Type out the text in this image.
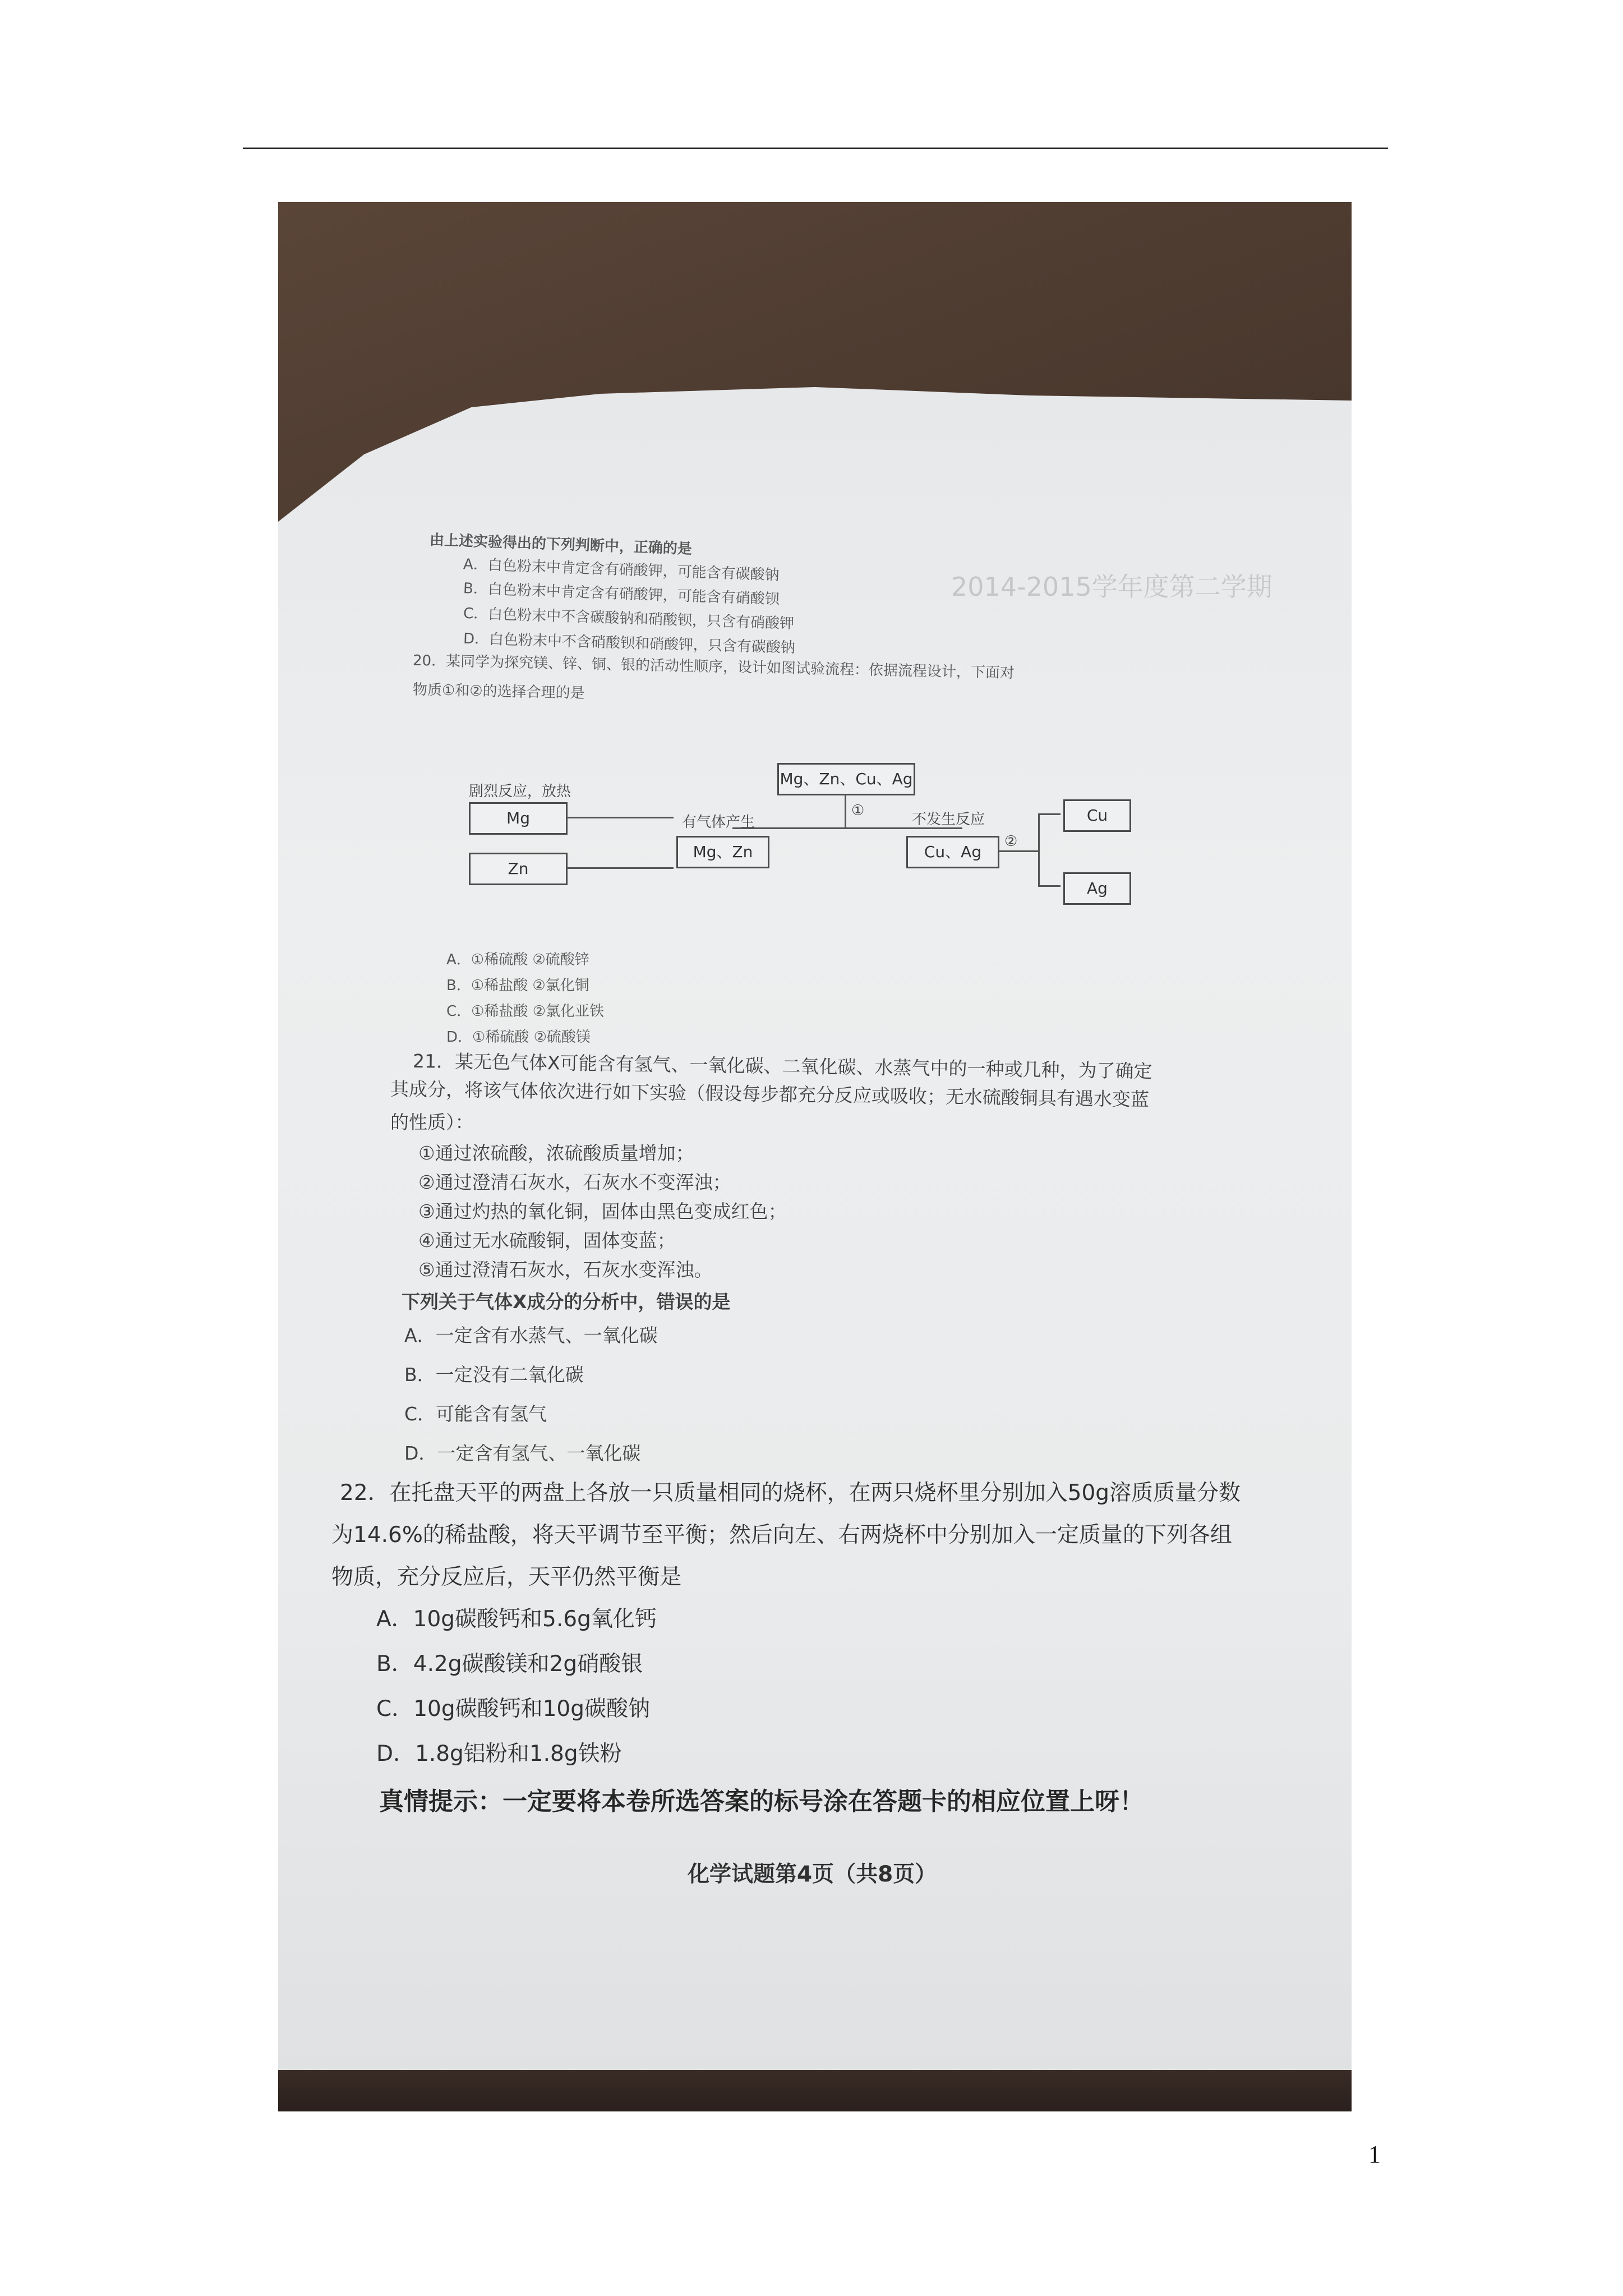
2014-2015学年度第二学期
由上述实验得出的下列判断中，正确的是
A．白色粉末中肯定含有硝酸钾，可能含有碳酸钠
B．白色粉末中肯定含有硝酸钾，可能含有硝酸钡
C．白色粉末中不含碳酸钠和硝酸钡，只含有硝酸钾
D．白色粉末中不含硝酸钡和硝酸钾，只含有碳酸钠
20．某同学为探究镁、锌、铜、银的活动性顺序，设计如图试验流程：依据流程设计，下面对
物质①和②的选择合理的是
Mg、Zn、Cu、Ag
①
有气体产生	不发生反应
Mg、Zn	Cu、Ag
剧烈反应，放热
Mg
Zn
②
Cu
Ag
A．①稀硫酸 ②硫酸锌
B．①稀盐酸 ②氯化铜
C．①稀盐酸 ②氯化亚铁
D．①稀硫酸 ②硫酸镁
21．某无色气体X可能含有氢气、一氧化碳、二氧化碳、水蒸气中的一种或几种，为了确定
其成分，将该气体依次进行如下实验（假设每步都充分反应或吸收；无水硫酸铜具有遇水变蓝
的性质）：
①通过浓硫酸，浓硫酸质量增加；
②通过澄清石灰水，石灰水不变浑浊；
③通过灼热的氧化铜，固体由黑色变成红色；
④通过无水硫酸铜，固体变蓝；
⑤通过澄清石灰水，石灰水变浑浊。
下列关于气体X成分的分析中，错误的是
A．一定含有水蒸气、一氧化碳
B．一定没有二氧化碳
C．可能含有氢气
D．一定含有氢气、一氧化碳
22．在托盘天平的两盘上各放一只质量相同的烧杯，在两只烧杯里分别加入50g溶质质量分数
为14.6%的稀盐酸，将天平调节至平衡；然后向左、右两烧杯中分别加入一定质量的下列各组
物质，充分反应后，天平仍然平衡是
A．10g碳酸钙和5.6g氧化钙
B．4.2g碳酸镁和2g硝酸银
C．10g碳酸钙和10g碳酸钠
D．1.8g铝粉和1.8g铁粉
真情提示：一定要将本卷所选答案的标号涂在答题卡的相应位置上呀！
化学试题第4页（共8页）
1
